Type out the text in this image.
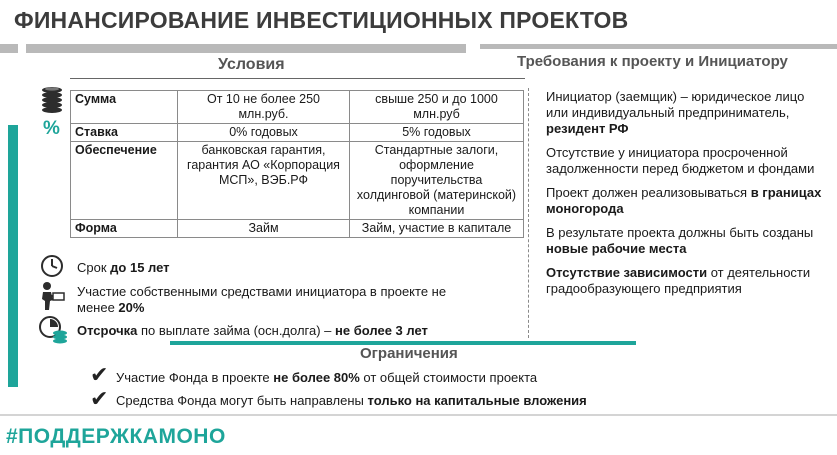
ФИНАНСИРОВАНИЕ ИНВЕСТИЦИОННЫХ ПРОЕКТОВ
Условия	Требования к проекту и Инициатору
%
Сумма	От 10 не более 250 млн.руб.	свыше 250 и до 1000 млн.руб
Ставка	0% годовых	5% годовых
Обеспечение	банковская гарантия, гарантия АО «Корпорация МСП», ВЭБ.РФ	Стандартные залоги, оформление поручительства холдинговой (материнской) компании
Форма	Займ	Займ, участие в капитале
Срок до 15 лет
Участие собственными средствами инициатора в проекте не менее 20%
Отсрочка по выплате займа (осн.долга) – не более 3 лет

Инициатор (заемщик) – юридическое лицо или индивидуальный предприниматель, резидент РФ

Отсутствие у инициатора просроченной задолженности перед бюджетом и фондами

Проект должен реализовываться в границах моногорода

В результате проекта должны быть созданы новые рабочие места

Отсутствие зависимости от деятельности градообразующего предприятия

Ограничения
✔ Участие Фонда в проекте не более 80% от общей стоимости проекта
✔ Средства Фонда могут быть направлены только на капитальные вложения
#ПОДДЕРЖКАМОНО
